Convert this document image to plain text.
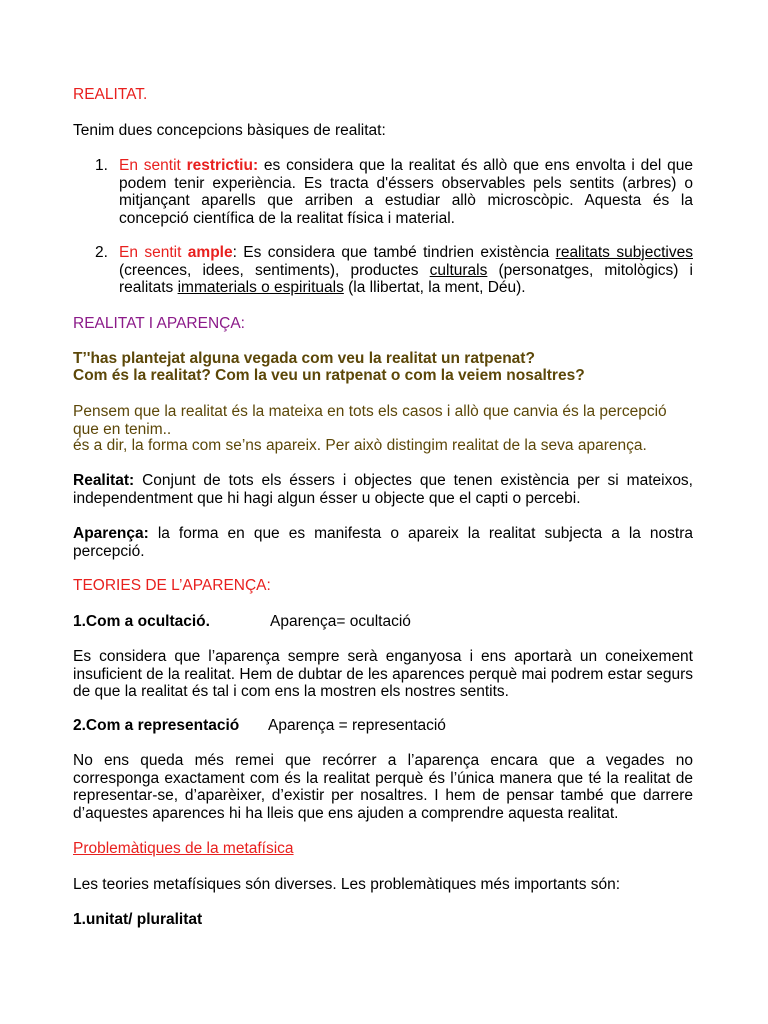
REALITAT.
Tenim dues concepcions bàsiques de realitat:
1. En sentit restrictiu: es considera que la realitat és allò que ens envolta i del que podem tenir experiència. Es tracta d'éssers observables pels sentits (arbres) o mitjançant aparells que arriben a estudiar allò microscòpic. Aquesta és la concepció científica de la realitat física i material.
2. En sentit ample: Es considera que també tindrien existència realitats subjectives (creences, idees, sentiments), productes culturals (personatges, mitològics) i realitats immaterials o espirituals (la llibertat, la ment, Déu).
REALITAT I APARENÇA:
T’'has plantejat alguna vegada com veu la realitat un ratpenat?
Com és la realitat? Com la veu un ratpenat o com la veiem nosaltres?
Pensem que la realitat és la mateixa en tots els casos i allò que canvia és la percepció que en tenim..
és a dir, la forma com se’ns apareix. Per això distingim realitat de la seva aparença.
Realitat: Conjunt de tots els éssers i objectes que tenen existència per si mateixos, independentment que hi hagi algun ésser u objecte que el capti o percebi.
Aparença: la forma en que es manifesta o apareix la realitat subjecta a la nostra percepció.
TEORIES DE L’APARENÇA:
1.Com a ocultació.	Aparença= ocultació
Es considera que l’aparença sempre serà enganyosa i ens aportarà un coneixement insuficient de la realitat. Hem de dubtar de les aparences perquè mai podrem estar segurs de que la realitat és tal i com ens la mostren els nostres sentits.
2.Com a representació Aparença = representació
No ens queda més remei que recórrer a l’aparença encara que a vegades no corresponga exactament com és la realitat perquè és l’única manera que té la realitat de representar-se, d’aparèixer, d’existir per nosaltres. I hem de pensar també que darrere d’aquestes aparences hi ha lleis que ens ajuden a comprendre aquesta realitat.
Problemàtiques de la metafísica
Les teories metafísiques són diverses. Les problemàtiques més importants són:
1.unitat/ pluralitat
